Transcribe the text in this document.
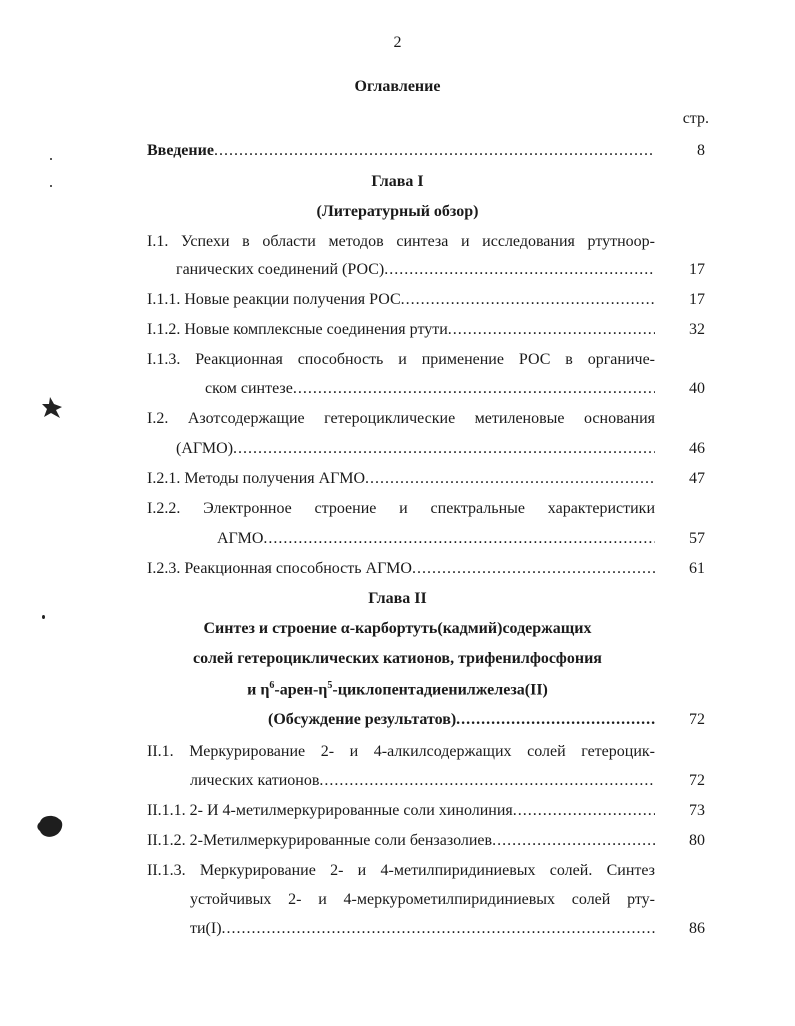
2
Оглавление
стр.
Введение .....	8
Глава I
(Литературный обзор)
I.1. Успехи в области методов синтеза и исследования ртутноор-
ганических соединений (РОС) .....	17
I.1.1. Новые реакции получения РОС .....	17
I.1.2. Новые комплексные соединения ртути .....	32
I.1.3. Реакционная способность и применение РОС в органиче-
ском синтезе .....	40
I.2. Азотсодержащие гетероциклические метиленовые основания
(АГМО) .....	46
I.2.1. Методы получения АГМО .....	47
I.2.2. Электронное строение и спектральные характеристики
АГМО .....	57
I.2.3. Реакционная способность АГМО .....	61
Глава II
Синтез и строение α-карбортуть(кадмий)содержащих
солей гетероциклических катионов, трифенилфосфония
и $\eta^6-арен-\eta^5-циклопентадиенилжелеза(II)$
(Обсуждение результатов) .....	72
II.1. Меркурирование 2- и 4-алкилсодержащих солей гетероцик-
лических катионов .....	72
II.1.1. 2- И 4-метилмеркурированные соли хинолиния .....	73
II.1.2. 2-Метилмеркурированные соли бензазолиев .....	80
II.1.3. Меркурирование 2- и 4-метилпиридиниевых солей. Синтез
устойчивых 2- и 4-меркурометилпиридиниевых солей рту-
ти(I) .....	86
